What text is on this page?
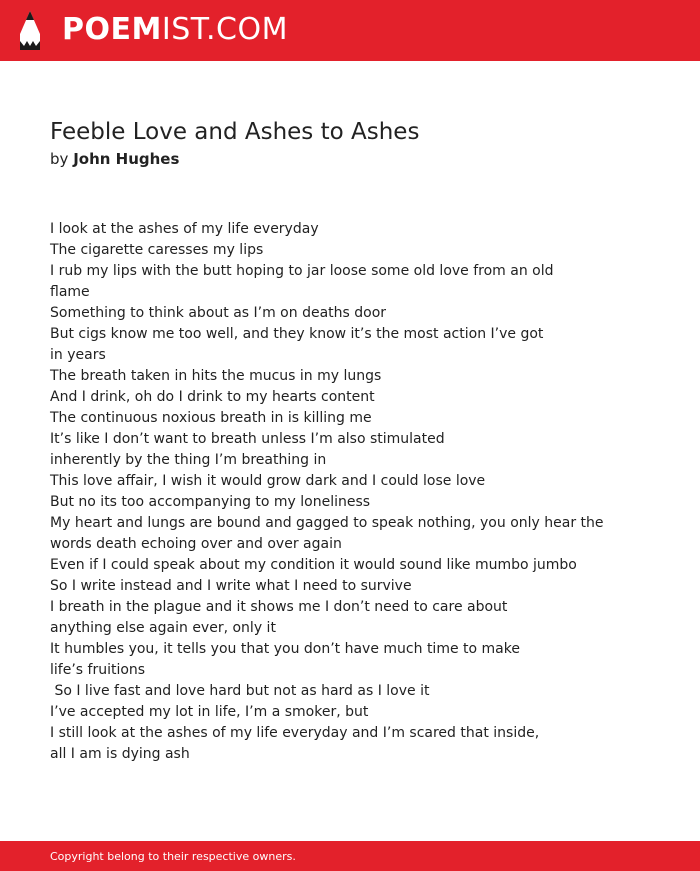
POEMIST.COM
Feeble Love and Ashes to Ashes
by John Hughes
I look at the ashes of my life everyday
The cigarette caresses my lips
I rub my lips with the butt hoping to jar loose some old love from an old
flame
Something to think about as I’m on deaths door
But cigs know me too well, and they know it’s the most action I’ve got
in years
The breath taken in hits the mucus in my lungs
And I drink, oh do I drink to my hearts content
The continuous noxious breath in is killing me
It’s like I don’t want to breath unless I’m also stimulated
inherently by the thing I’m breathing in
This love affair, I wish it would grow dark and I could lose love
But no its too accompanying to my loneliness
My heart and lungs are bound and gagged to speak nothing, you only hear the
words death echoing over and over again
Even if I could speak about my condition it would sound like mumbo jumbo
So I write instead and I write what I need to survive
I breath in the plague and it shows me I don’t need to care about
anything else again ever, only it
It humbles you, it tells you that you don’t have much time to make
life’s fruitions
So I live fast and love hard but not as hard as I love it
I’ve accepted my lot in life, I’m a smoker, but
I still look at the ashes of my life everyday and I’m scared that inside,
all I am is dying ash
Copyright belong to their respective owners.
